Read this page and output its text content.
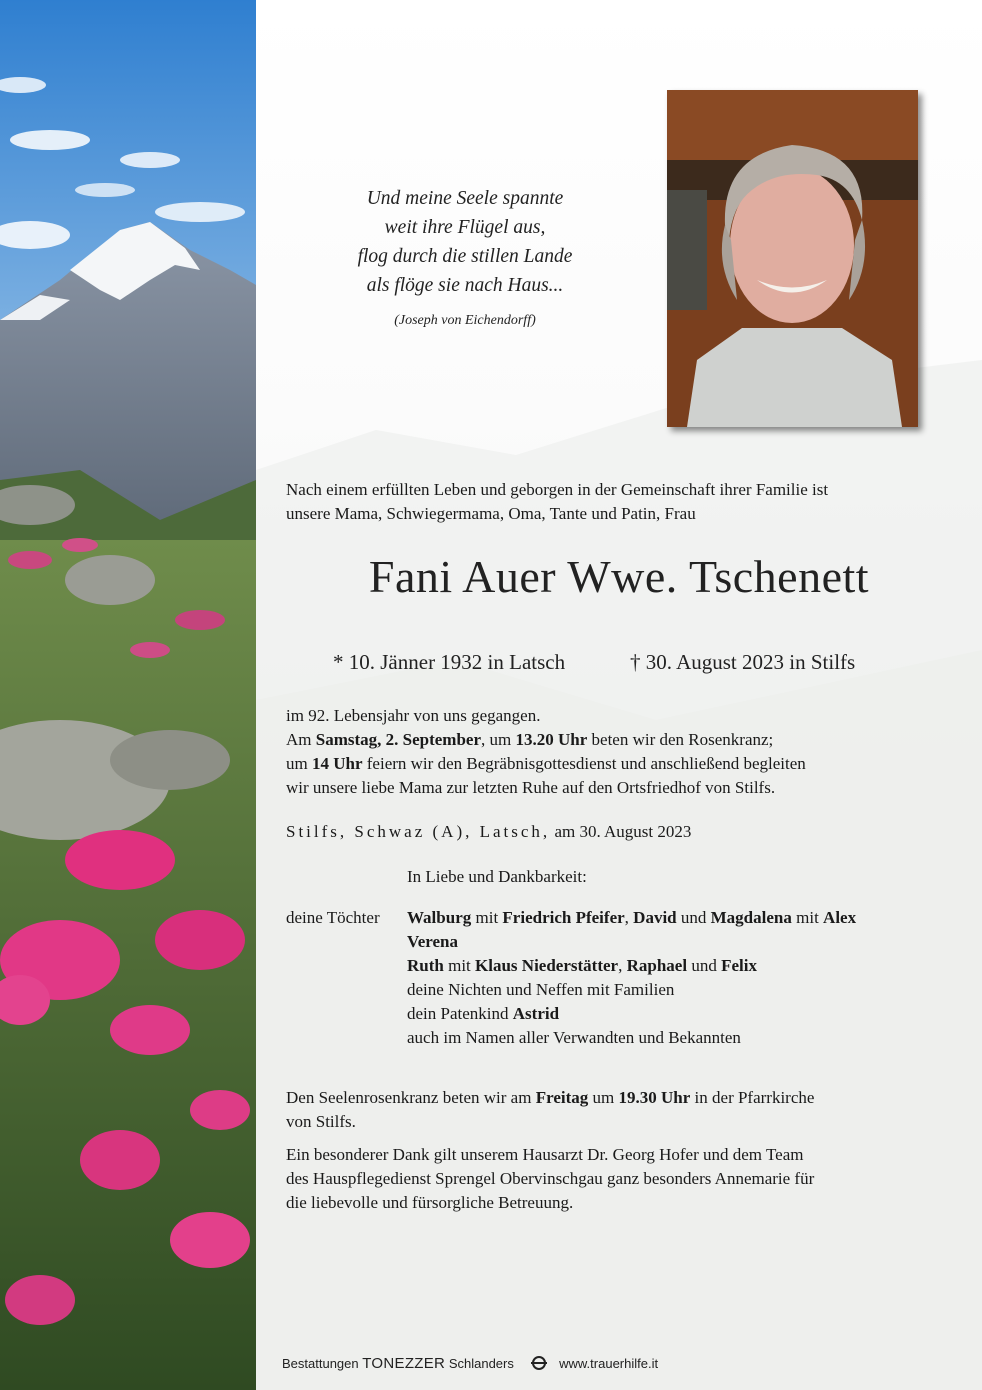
Und meine Seele spannte
weit ihre Flügel aus,
flog durch die stillen Lande
als flöge sie nach Haus...
(Joseph von Eichendorff)
Nach einem erfüllten Leben und geborgen in der Gemeinschaft ihrer Familie ist
unsere Mama, Schwiegermama, Oma, Tante und Patin, Frau
Fani Auer Wwe. Tschenett
* 10. Jänner 1932 in Latsch	† 30. August 2023 in Stilfs
im 92. Lebensjahr von uns gegangen.
Am Samstag, 2. September, um 13.20 Uhr beten wir den Rosenkranz;
um 14 Uhr feiern wir den Begräbnisgottesdienst und anschließend begleiten
wir unsere liebe Mama zur letzten Ruhe auf den Ortsfriedhof von Stilfs.
Stilfs, Schwaz (A), Latsch, am 30. August 2023
In Liebe und Dankbarkeit:
deine Töchter Walburg mit Friedrich Pfeifer, David und Magdalena mit Alex
Verena
Ruth mit Klaus Niederstätter, Raphael und Felix
deine Nichten und Neffen mit Familien
dein Patenkind Astrid
auch im Namen aller Verwandten und Bekannten
Den Seelenrosenkranz beten wir am Freitag um 19.30 Uhr in der Pfarrkirche
von Stilfs.
Ein besonderer Dank gilt unserem Hausarzt Dr. Georg Hofer und dem Team
des Hauspflegedienst Sprengel Obervinschgau ganz besonders Annemarie für
die liebevolle und fürsorgliche Betreuung.
Bestattungen TONEZZER Schlanders	www.trauerhilfe.it
